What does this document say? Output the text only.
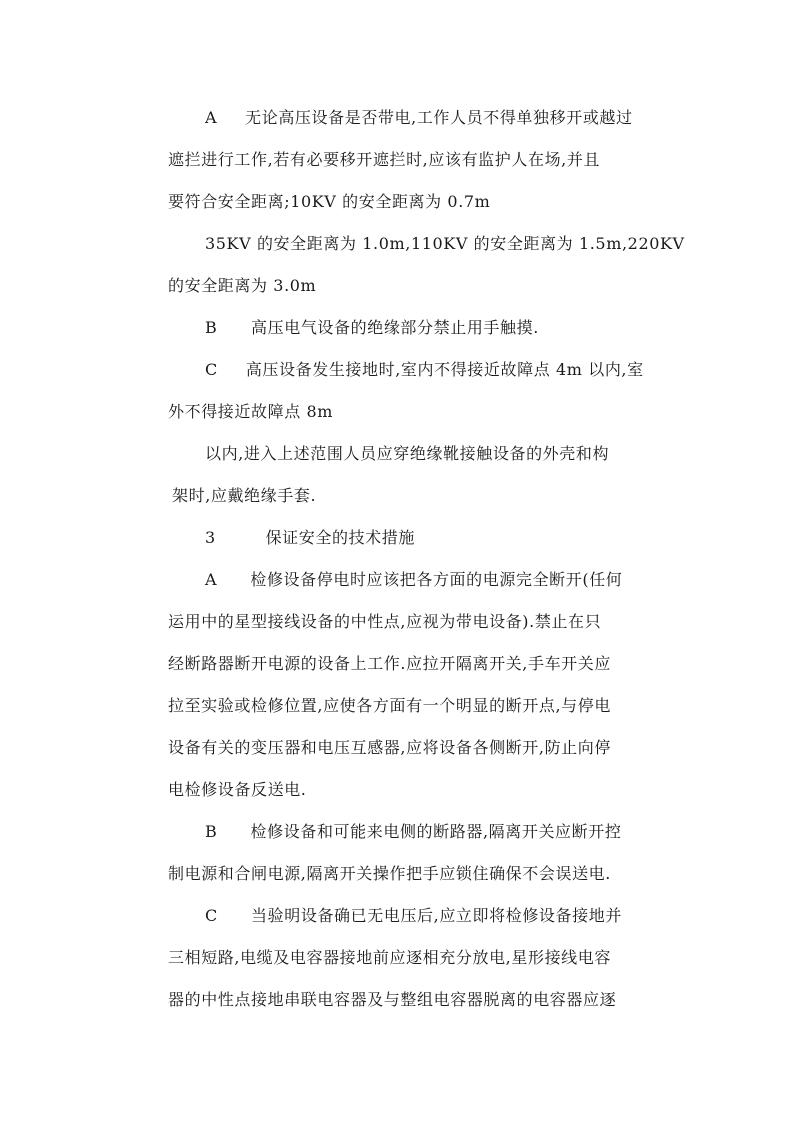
A　  无论高压设备是否带电,工作人员不得单独移开或越过
遮拦进行工作,若有必要移开遮拦时,应该有监护人在场,并且
要符合安全距离;10KV 的安全距离为 0.7m
35KV 的安全距离为 1.0m,110KV 的安全距离为 1.5m,220KV
的安全距离为 3.0m
B　   高压电气设备的绝缘部分禁止用手触摸.
C　  高压设备发生接地时,室内不得接近故障点 4m 以内,室
外不得接近故障点 8m
以内,进入上述范围人员应穿绝缘靴接触设备的外壳和构
架时,应戴绝缘手套.
3　　　保证安全的技术措施
A　　检修设备停电时应该把各方面的电源完全断开(任何
运用中的星型接线设备的中性点,应视为带电设备).禁止在只
经断路器断开电源的设备上工作.应拉开隔离开关,手车开关应
拉至实验或检修位置,应使各方面有一个明显的断开点,与停电
设备有关的变压器和电压互感器,应将设备各侧断开,防止向停
电检修设备反送电.
B　　检修设备和可能来电侧的断路器,隔离开关应断开控
制电源和合闸电源,隔离开关操作把手应锁住确保不会误送电.
C　　当验明设备确已无电压后,应立即将检修设备接地并
三相短路,电缆及电容器接地前应逐相充分放电,星形接线电容
器的中性点接地串联电容器及与整组电容器脱离的电容器应逐
